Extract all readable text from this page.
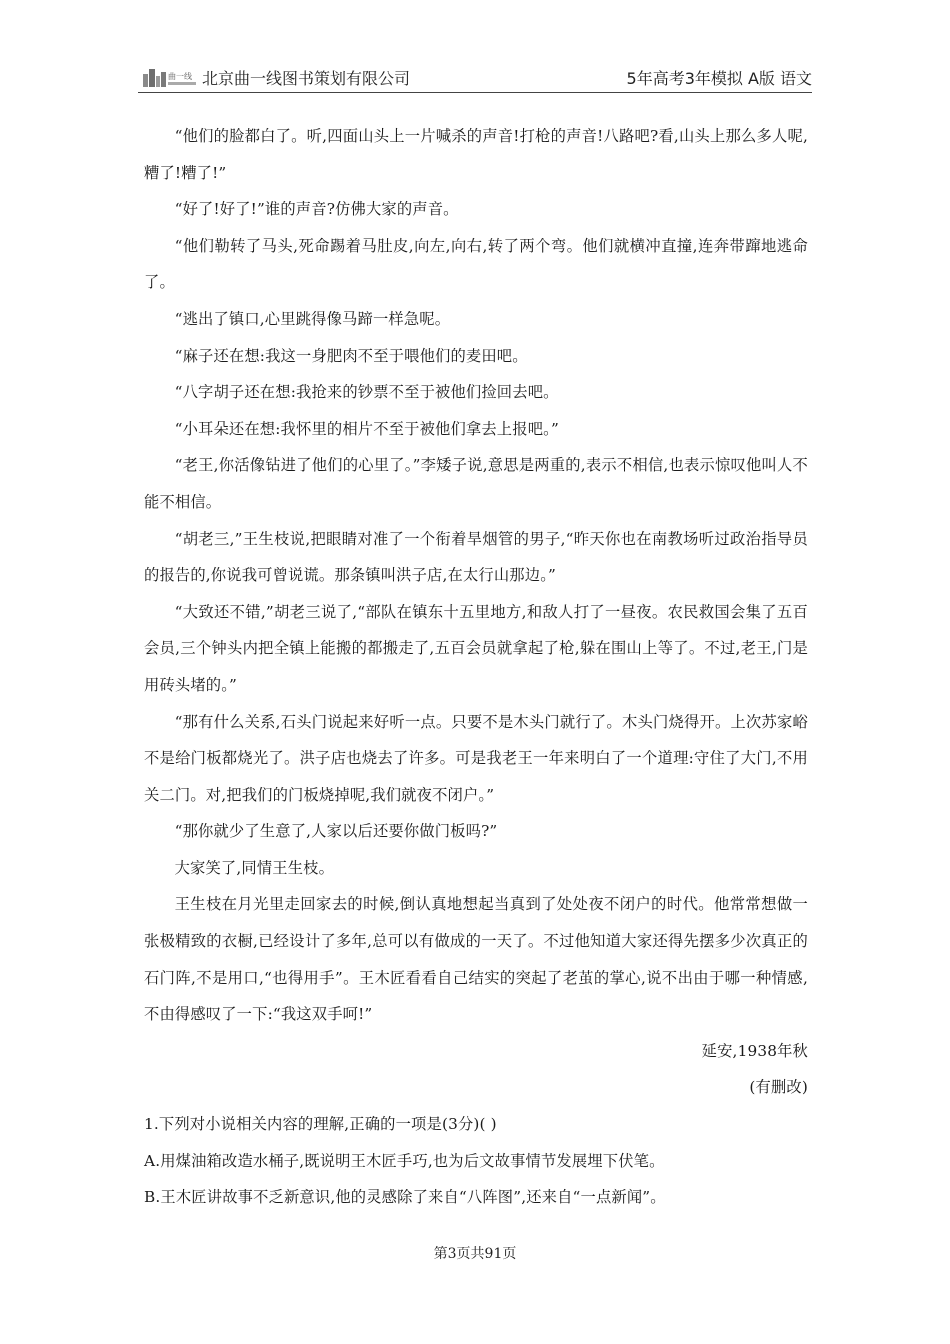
曲一线 北京曲一线图书策划有限公司	5年高考3年模拟 A版 语文

“他们的脸都白了。听,四面山头上一片喊杀的声音!打枪的声音!八路吧?看,山头上那么多人呢,糟了!糟了!”

“好了!好了!”谁的声音?仿佛大家的声音。

“他们勒转了马头,死命踢着马肚皮,向左,向右,转了两个弯。他们就横冲直撞,连奔带蹿地逃命了。

“逃出了镇口,心里跳得像马蹄一样急呢。

“麻子还在想:我这一身肥肉不至于喂他们的麦田吧。

“八字胡子还在想:我抢来的钞票不至于被他们捡回去吧。

“小耳朵还在想:我怀里的相片不至于被他们拿去上报吧。”

“老王,你活像钻进了他们的心里了。”李矮子说,意思是两重的,表示不相信,也表示惊叹他叫人不能不相信。

“胡老三,”王生枝说,把眼睛对准了一个衔着旱烟管的男子,“昨天你也在南教场听过政治指导员的报告的,你说我可曾说谎。那条镇叫洪子店,在太行山那边。”

“大致还不错,”胡老三说了,“部队在镇东十五里地方,和敌人打了一昼夜。农民救国会集了五百会员,三个钟头内把全镇上能搬的都搬走了,五百会员就拿起了枪,躲在围山上等了。不过,老王,门是用砖头堵的。”

“那有什么关系,石头门说起来好听一点。只要不是木头门就行了。木头门烧得开。上次苏家峪不是给门板都烧光了。洪子店也烧去了许多。可是我老王一年来明白了一个道理:守住了大门,不用关二门。对,把我们的门板烧掉呢,我们就夜不闭户。”

“那你就少了生意了,人家以后还要你做门板吗?”

大家笑了,同情王生枝。

王生枝在月光里走回家去的时候,倒认真地想起当真到了处处夜不闭户的时代。他常常想做一张极精致的衣橱,已经设计了多年,总可以有做成的一天了。不过他知道大家还得先摆多少次真正的石门阵,不是用口,“也得用手”。王木匠看看自己结实的突起了老茧的掌心,说不出由于哪一种情感,不由得感叹了一下:“我这双手呵!”

延安,1938年秋

(有删改)

1.下列对小说相关内容的理解,正确的一项是(3分)( )

A.用煤油箱改造水桶子,既说明王木匠手巧,也为后文故事情节发展埋下伏笔。

B.王木匠讲故事不乏新意识,他的灵感除了来自“八阵图”,还来自“一点新闻”。

第3页共91页
